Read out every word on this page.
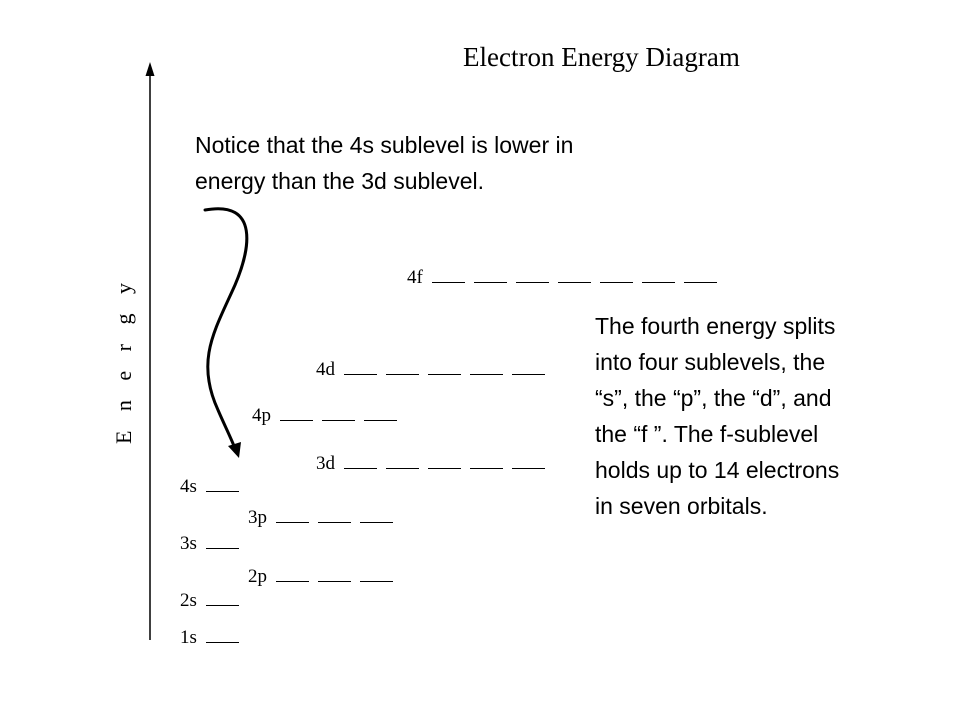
Electron Energy Diagram
E n e r g y
Notice that the 4s sublevel is lower in
energy than the 3d sublevel.
The fourth energy splits
into four sublevels, the
“s”, the “p”, the “d”, and
the “f ”. The f-sublevel
holds up to 14 electrons
in seven orbitals.
1s
2s
2p
3s
3p
4s
3d
4p
4d
4f
